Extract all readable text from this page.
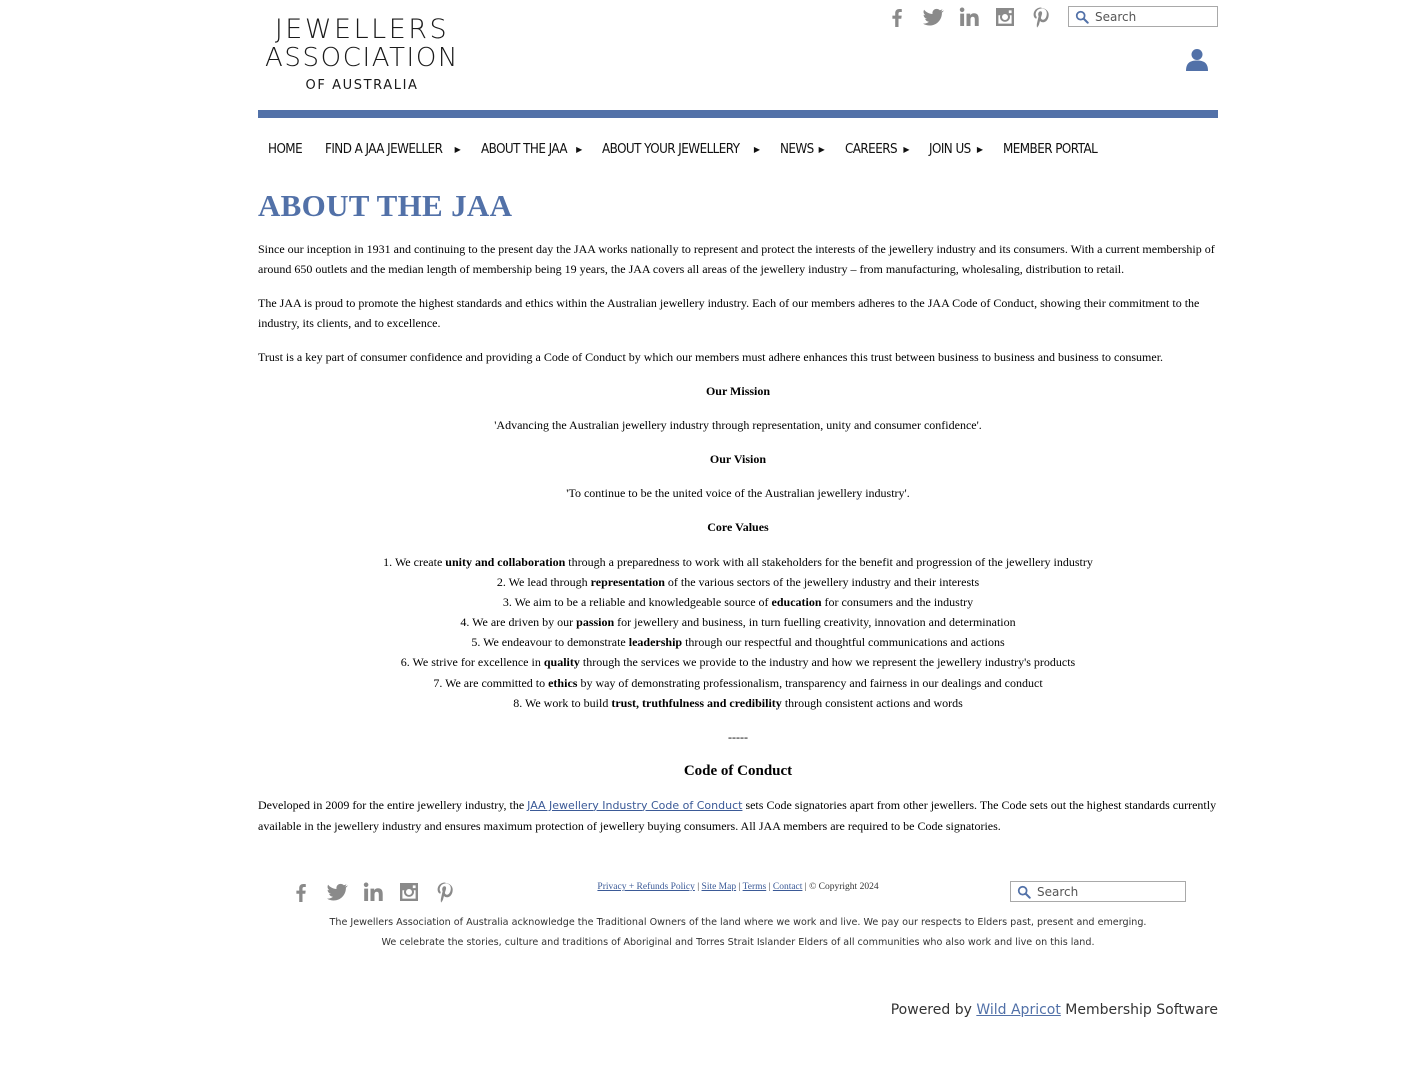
JEWELLERS
ASSOCIATION
OF AUSTRALIA
Search
HOME FIND A JAA JEWELLER ▶ ABOUT THE JAA ▶ ABOUT YOUR JEWELLERY ▶ NEWS ▶ CAREERS ▶ JOIN US ▶ MEMBER PORTAL
ABOUT THE JAA

Since our inception in 1931 and continuing to the present day the JAA works nationally to represent and protect the interests of the jewellery industry and its consumers. With a current membership of around 650 outlets and the median length of membership being 19 years, the JAA covers all areas of the jewellery industry – from manufacturing, wholesaling, distribution to retail.

The JAA is proud to promote the highest standards and ethics within the Australian jewellery industry. Each of our members adheres to the JAA Code of Conduct, showing their commitment to the industry, its clients, and to excellence.

Trust is a key part of consumer confidence and providing a Code of Conduct by which our members must adhere enhances this trust between business to business and business to consumer.

Our Mission

'Advancing the Australian jewellery industry through representation, unity and consumer confidence'.

Our Vision

'To continue to be the united voice of the Australian jewellery industry'.

Core Values

1. We create unity and collaboration through a preparedness to work with all stakeholders for the benefit and progression of the jewellery industry
2. We lead through representation of the various sectors of the jewellery industry and their interests
3. We aim to be a reliable and knowledgeable source of education for consumers and the industry
4. We are driven by our passion for jewellery and business, in turn fuelling creativity, innovation and determination
5. We endeavour to demonstrate leadership through our respectful and thoughtful communications and actions
6. We strive for excellence in quality through the services we provide to the industry and how we represent the jewellery industry's products
7. We are committed to ethics by way of demonstrating professionalism, transparency and fairness in our dealings and conduct
8. We work to build trust, truthfulness and credibility through consistent actions and words

-----

Code of Conduct

Developed in 2009 for the entire jewellery industry, the JAA Jewellery Industry Code of Conduct sets Code signatories apart from other jewellers. The Code sets out the highest standards currently available in the jewellery industry and ensures maximum protection of jewellery buying consumers. All JAA members are required to be Code signatories.

Privacy + Refunds Policy | Site Map | Terms | Contact | © Copyright 2024
Search
The Jewellers Association of Australia acknowledge the Traditional Owners of the land where we work and live. We pay our respects to Elders past, present and emerging.
We celebrate the stories, culture and traditions of Aboriginal and Torres Strait Islander Elders of all communities who also work and live on this land.
Powered by Wild Apricot Membership Software
